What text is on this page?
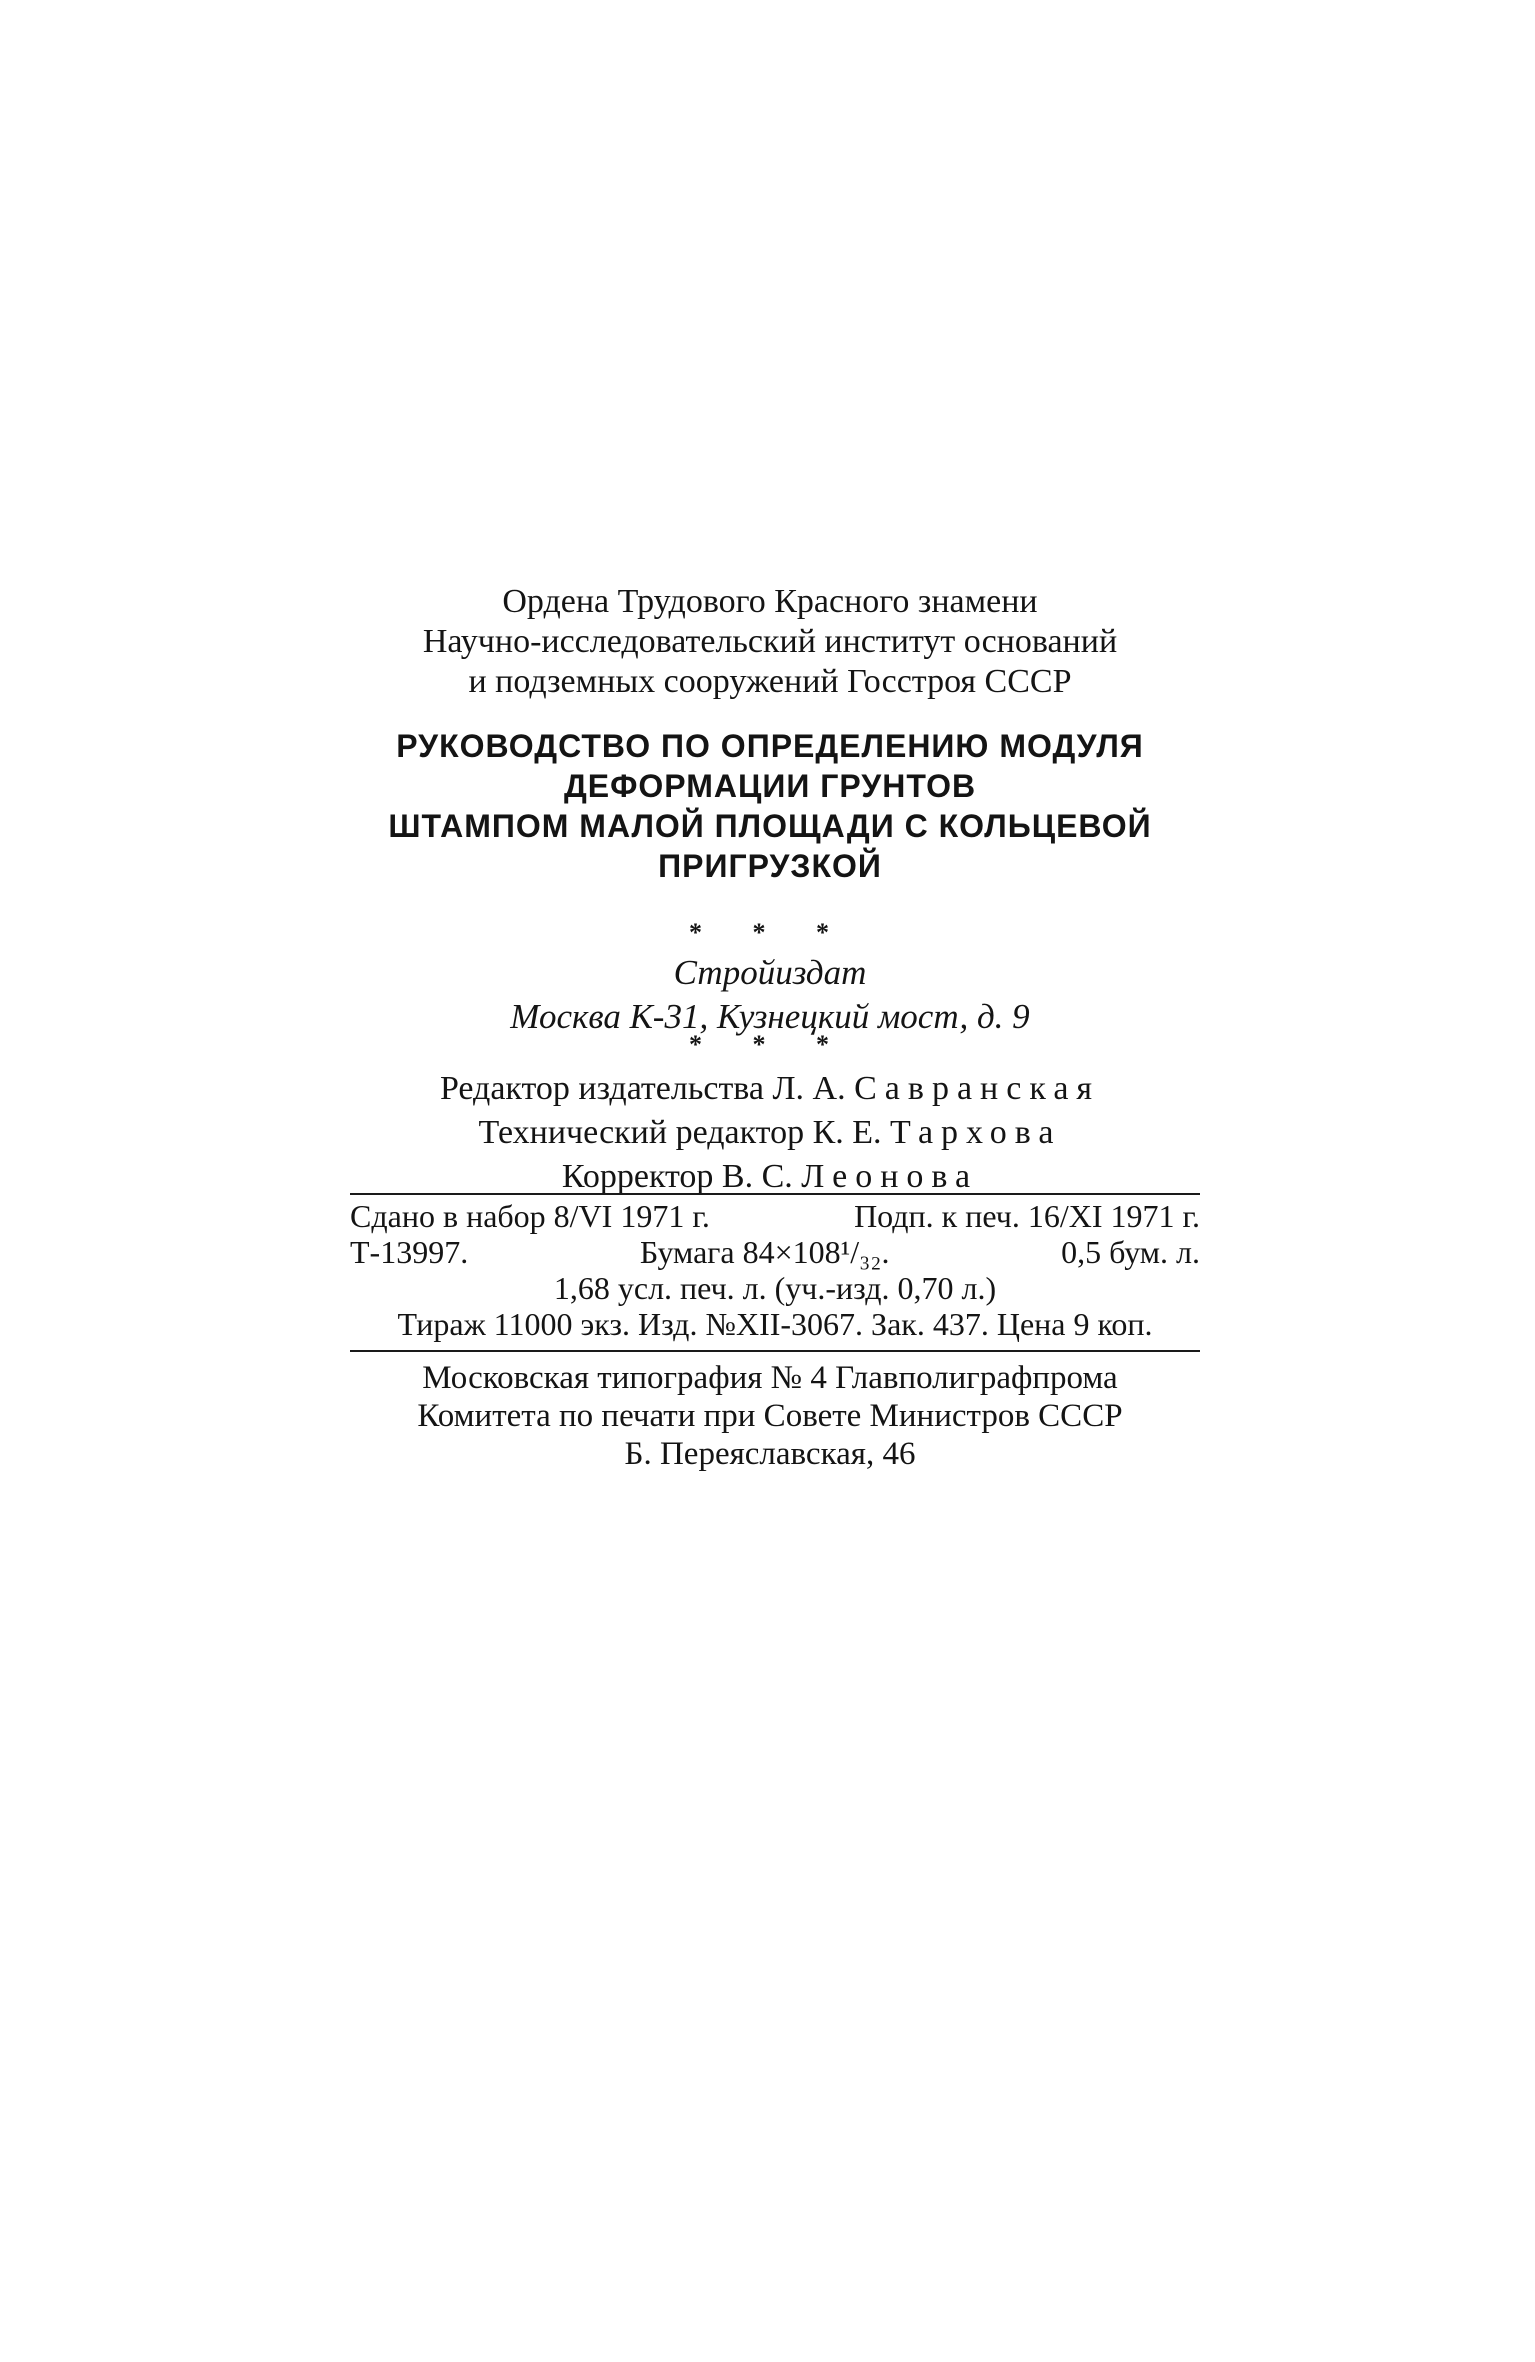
Ордена Трудового Красного знамени
Научно-исследовательский институт оснований
и подземных сооружений Госстроя СССР
РУКОВОДСТВО ПО ОПРЕДЕЛЕНИЮ МОДУЛЯ
ДЕФОРМАЦИИ ГРУНТОВ
ШТАМПОМ МАЛОЙ ПЛОЩАДИ С КОЛЬЦЕВОЙ
ПРИГРУЗКОЙ
* * *
Стройиздат
Москва К-31, Кузнецкий мост, д. 9
* * *
Редактор издательства Л. А. Савранская
Технический редактор К. Е. Тархова
Корректор В. С. Леонова
Сдано в набор 8/VI 1971 г.	Подп. к печ. 16/XI 1971 г.
Т-13997.	Бумага 84×108¹/₃₂.	0,5 бум. л.
1,68 усл. печ. л. (уч.-изд. 0,70 л.)
Тираж 11000 экз. Изд. №XII-3067. Зак. 437. Цена 9 коп.
Московская типография № 4 Главполиграфпрома
Комитета по печати при Совете Министров СССР
Б. Переяславская, 46
